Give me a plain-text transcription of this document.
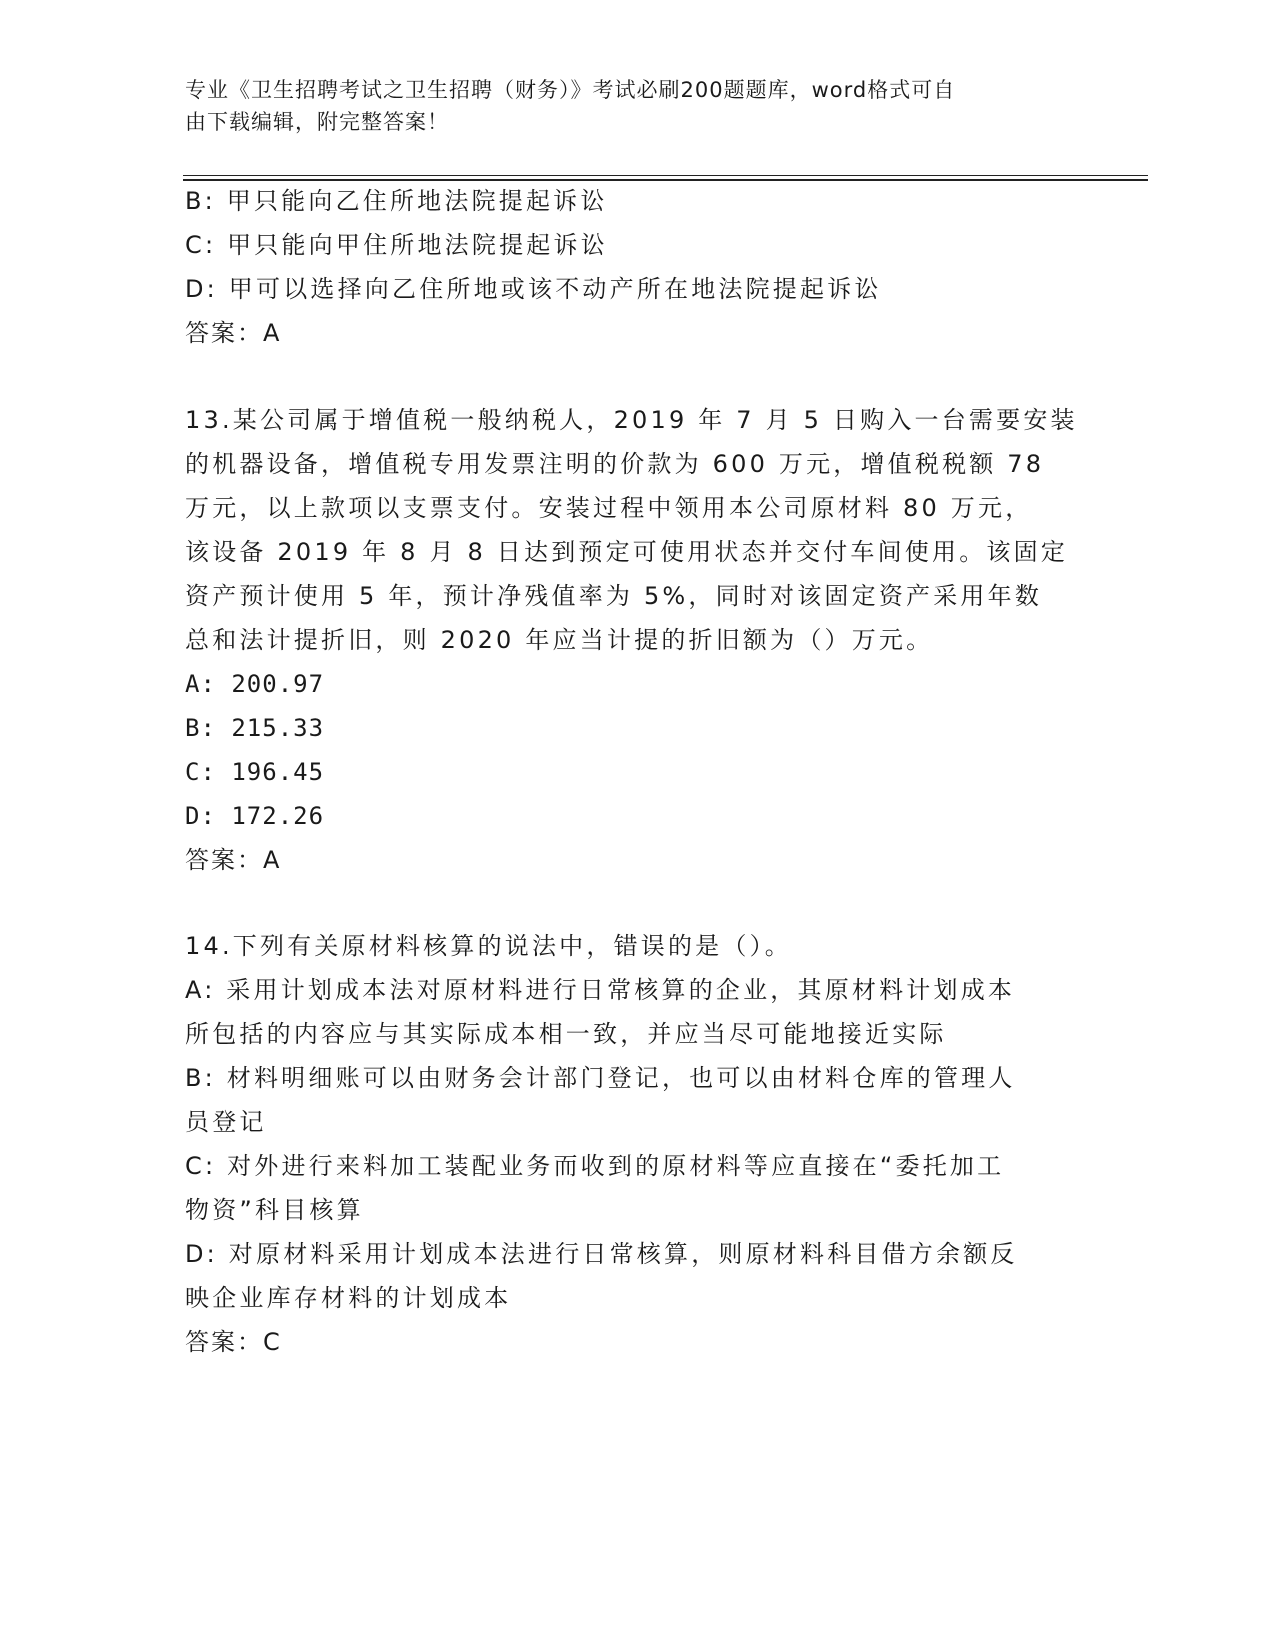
专业《卫生招聘考试之卫生招聘（财务）》考试必刷200题题库，word格式可自
由下载编辑，附完整答案！
B: 甲只能向乙住所地法院提起诉讼
C: 甲只能向甲住所地法院提起诉讼
D: 甲可以选择向乙住所地或该不动产所在地法院提起诉讼
答案：A
13.某公司属于增值税一般纳税人，2019 年 7 月 5 日购入一台需要安装
的机器设备，增值税专用发票注明的价款为 600 万元，增值税税额 78
万元，以上款项以支票支付。安装过程中领用本公司原材料 80 万元，
该设备 2019 年 8 月 8 日达到预定可使用状态并交付车间使用。该固定
资产预计使用 5 年，预计净残值率为 5%，同时对该固定资产采用年数
总和法计提折旧，则 2020 年应当计提的折旧额为（）万元。
A: 200.97
B: 215.33
C: 196.45
D: 172.26
答案：A
14.下列有关原材料核算的说法中，错误的是（）。
A: 采用计划成本法对原材料进行日常核算的企业，其原材料计划成本
所包括的内容应与其实际成本相一致，并应当尽可能地接近实际
B: 材料明细账可以由财务会计部门登记，也可以由材料仓库的管理人
员登记
C: 对外进行来料加工装配业务而收到的原材料等应直接在“委托加工
物资”科目核算
D: 对原材料采用计划成本法进行日常核算，则原材料科目借方余额反
映企业库存材料的计划成本
答案：C
